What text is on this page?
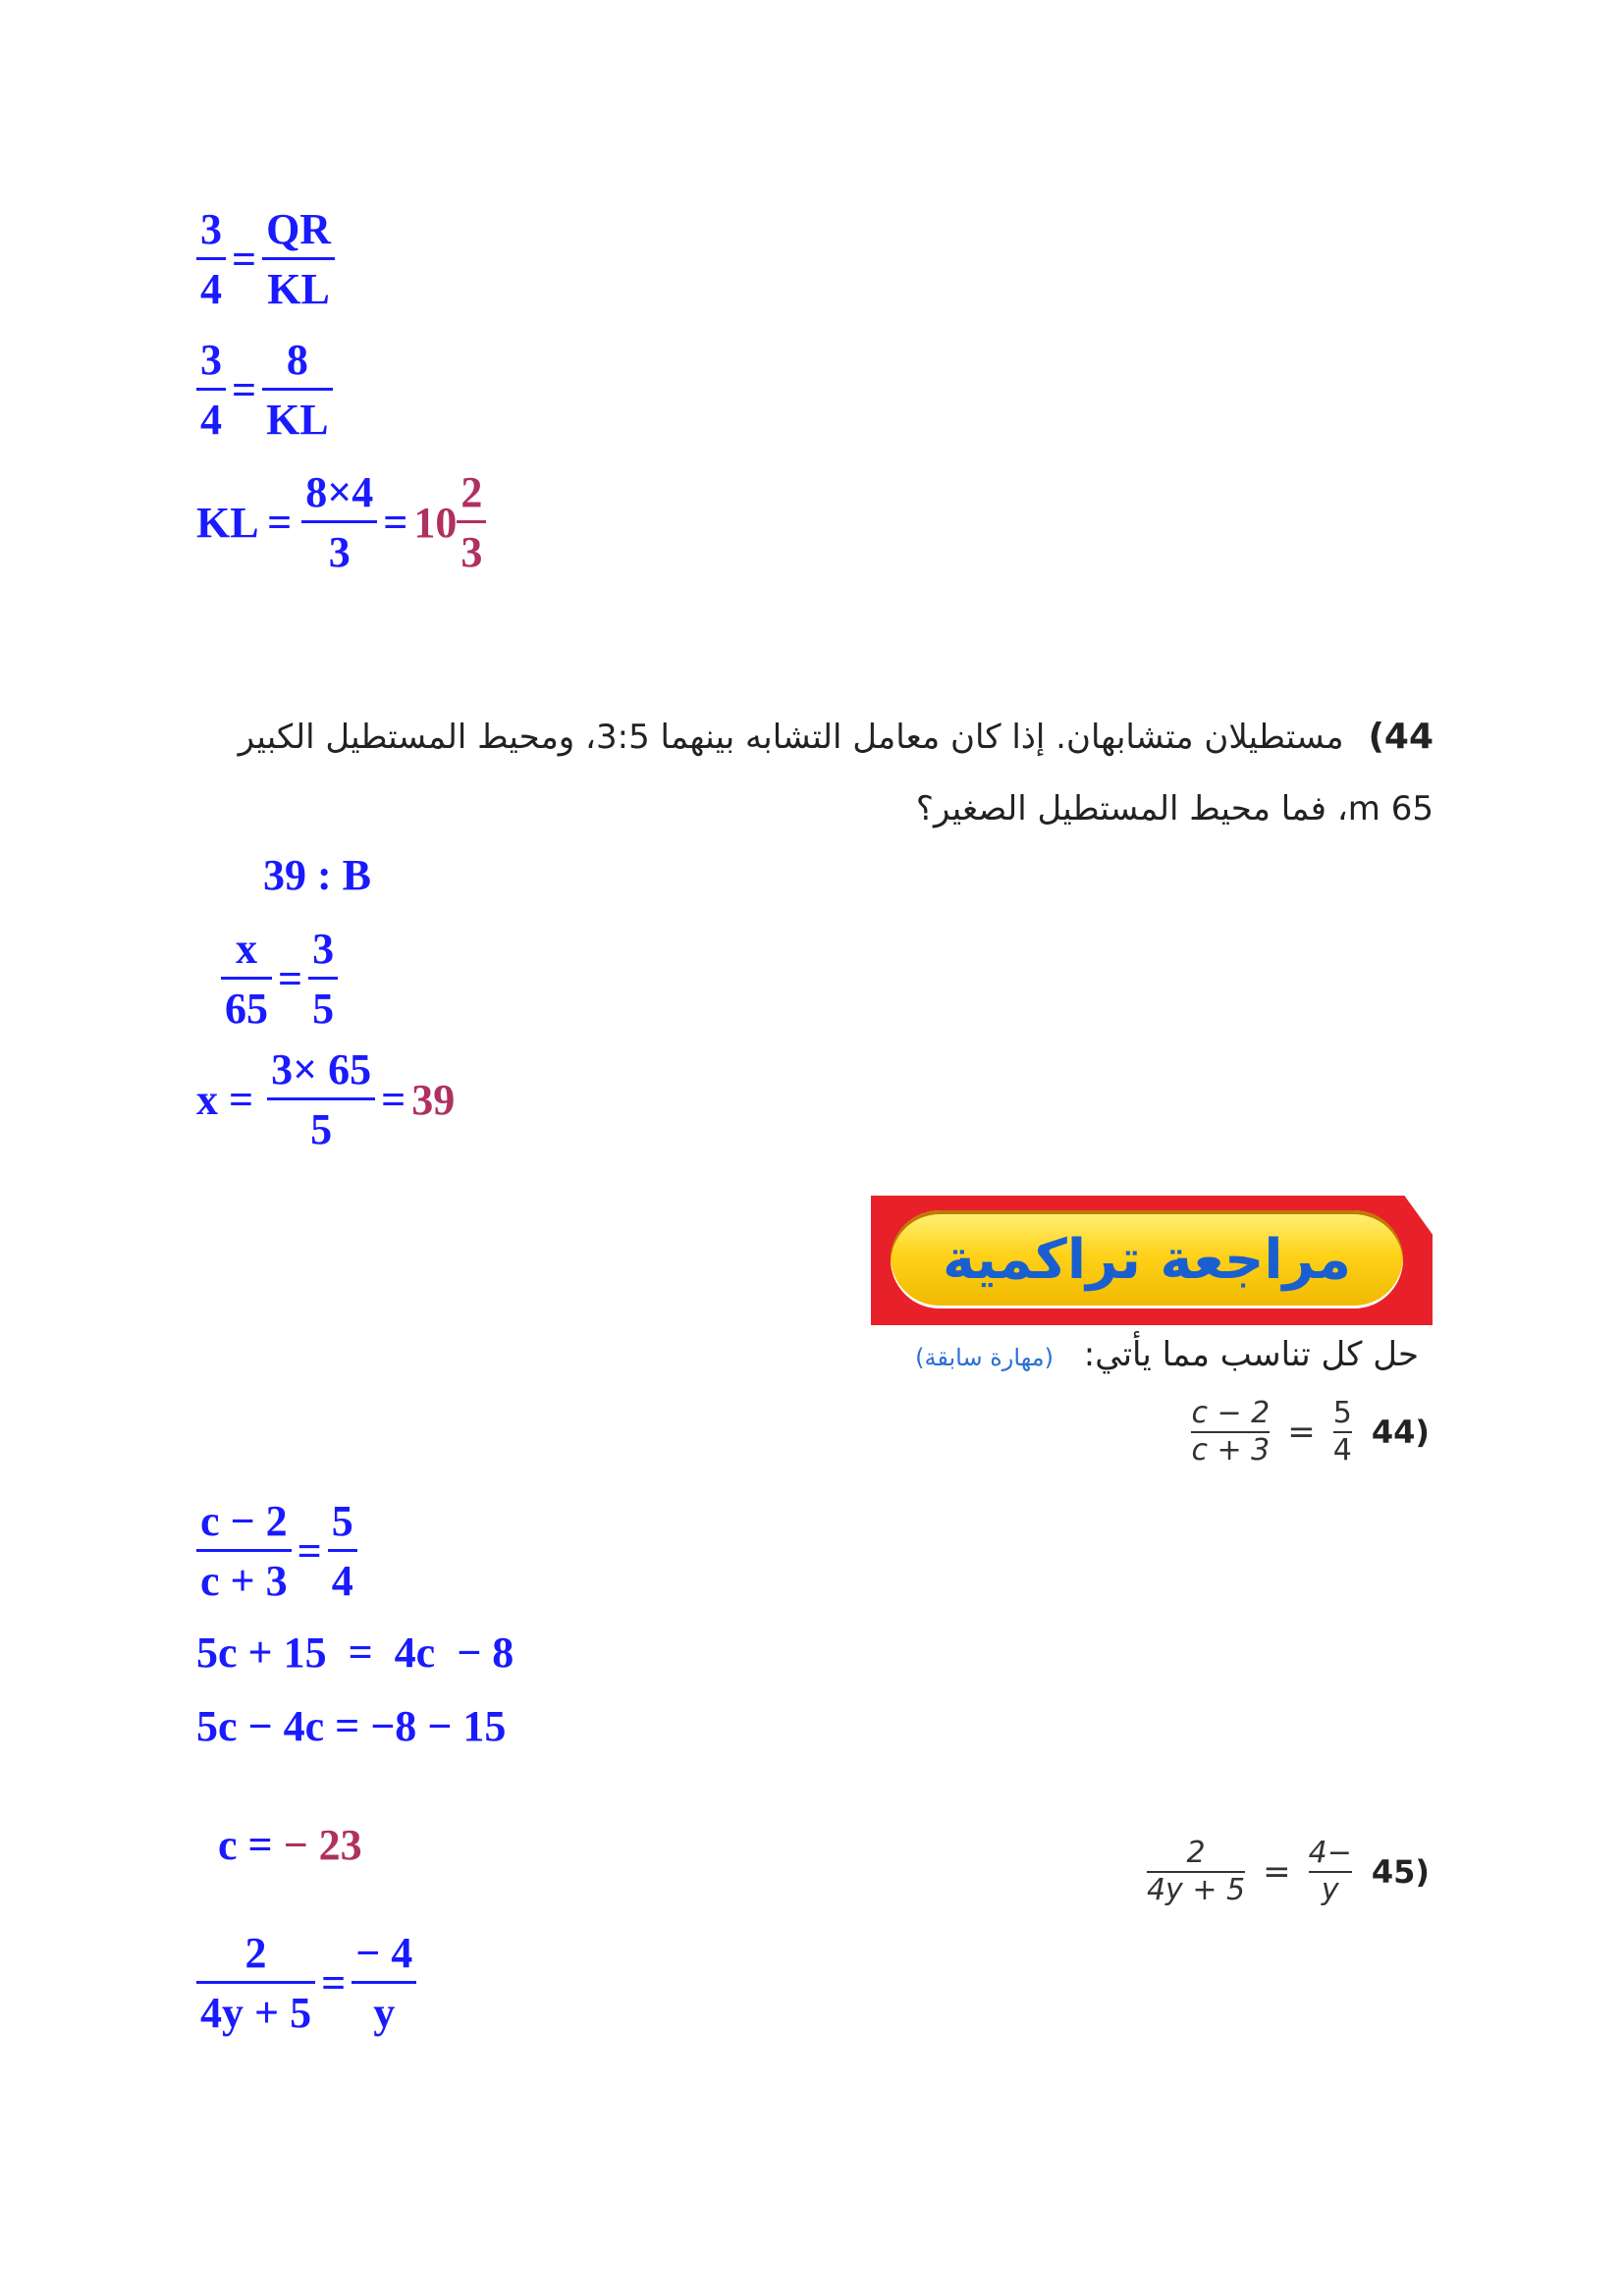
$\frac{3}{4} = \frac{QR}{KL}$
$\frac{3}{4} = \frac{8}{KL}$
KL = $\frac{8\times 4}{3} = 10 \frac{2}{3}$
44) مستطيلان متشابهان. إذا كان معامل التشابه بينهما 3:5، ومحيط المستطيل الكبير
65 m، فما محيط المستطيل الصغير؟
39 : B
$\frac{x}{65} = \frac{3}{5}$
$x = \frac{3\times 65}{5} = 39$
مراجعة تراكمية
حل كل تناسب مما يأتي: (مهارة سابقة)
(44
5
4
=
c − 2
c + 3
$\frac{c - 2}{c + 3} = \frac{5}{4}$
5c + 15  =  4c  − 8
5c − 4c = −8 − 15

c = − 23

(45
−4
y
=
2
4y + 5
$\frac{2}{4y + 5} = \frac{- 4}{y}$
